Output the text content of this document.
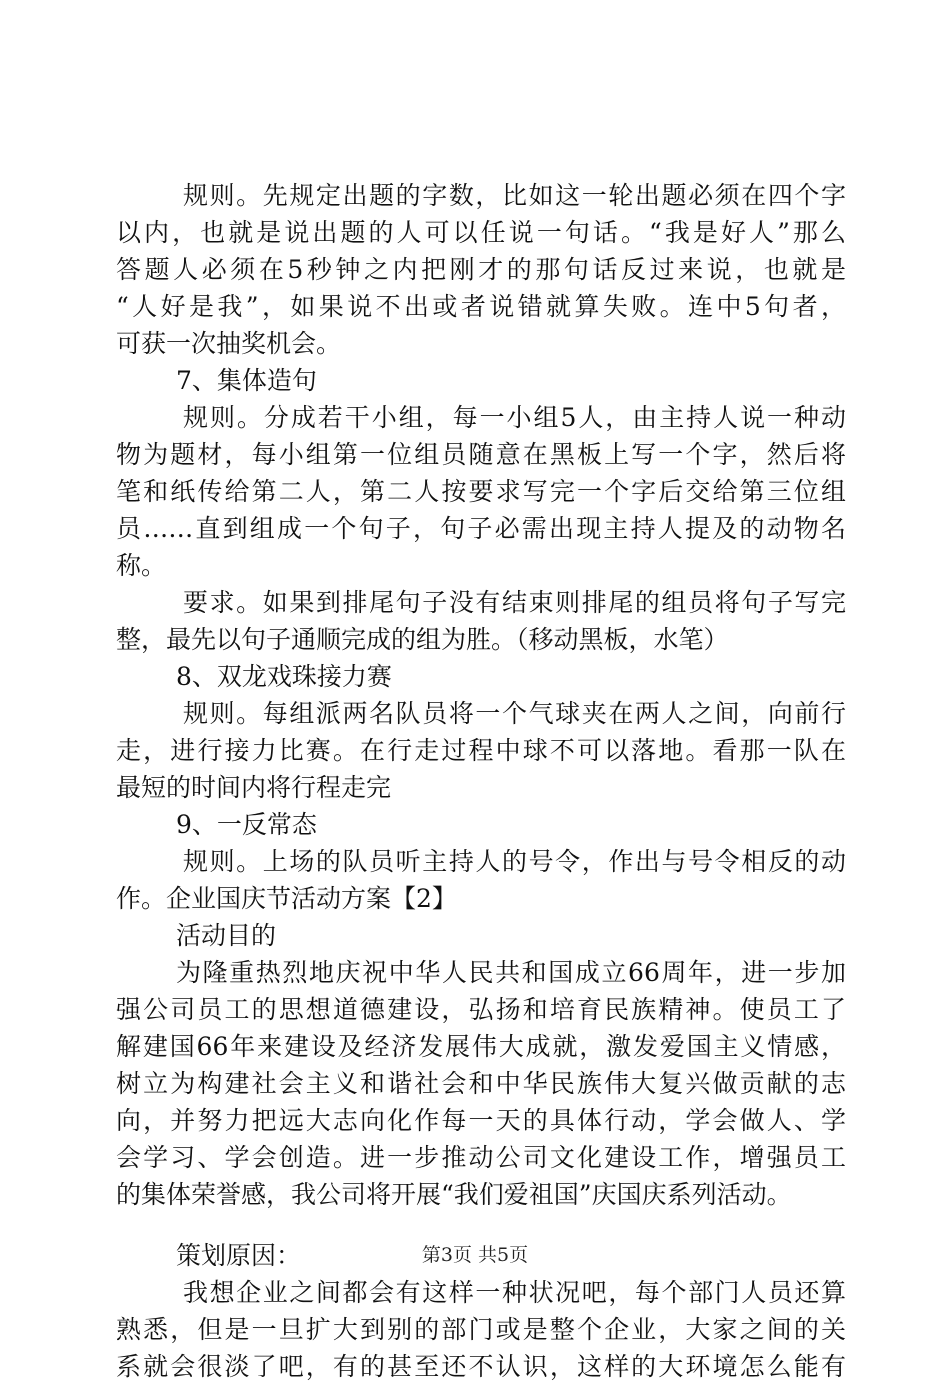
规则。先规定出题的字数，比如这一轮出题必须在四个字
以内，也就是说出题的人可以任说一句话。“我是好人”那么
答题人必须在5秒钟之内把刚才的那句话反过来说，也就是
“人好是我”，如果说不出或者说错就算失败。连中5句者，
可获一次抽奖机会。
7、集体造句
规则。分成若干小组，每一小组5人，由主持人说一种动
物为题材，每小组第一位组员随意在黑板上写一个字，然后将
笔和纸传给第二人，第二人按要求写完一个字后交给第三位组
员……直到组成一个句子，句子必需出现主持人提及的动物名
称。
要求。如果到排尾句子没有结束则排尾的组员将句子写完
整，最先以句子通顺完成的组为胜。（移动黑板，水笔）
8、双龙戏珠接力赛
规则。每组派两名队员将一个气球夹在两人之间，向前行
走，进行接力比赛。在行走过程中球不可以落地。看那一队在
最短的时间内将行程走完
9、一反常态
规则。上场的队员听主持人的号令，作出与号令相反的动
作。企业国庆节活动方案【2】
活动目的
为隆重热烈地庆祝中华人民共和国成立66周年，进一步加
强公司员工的思想道德建设，弘扬和培育民族精神。使员工了
解建国66年来建设及经济发展伟大成就，激发爱国主义情感，
树立为构建社会主义和谐社会和中华民族伟大复兴做贡献的志
向，并努力把远大志向化作每一天的具体行动，学会做人、学
会学习、学会创造。进一步推动公司文化建设工作，增强员工
的集体荣誉感，我公司将开展“我们爱祖国”庆国庆系列活动。
策划原因：
我想企业之间都会有这样一种状况吧，每个部门人员还算
熟悉，但是一旦扩大到别的部门或是整个企业，大家之间的关
系就会很淡了吧，有的甚至还不认识，这样的大环境怎么能有
第3页 共5页
